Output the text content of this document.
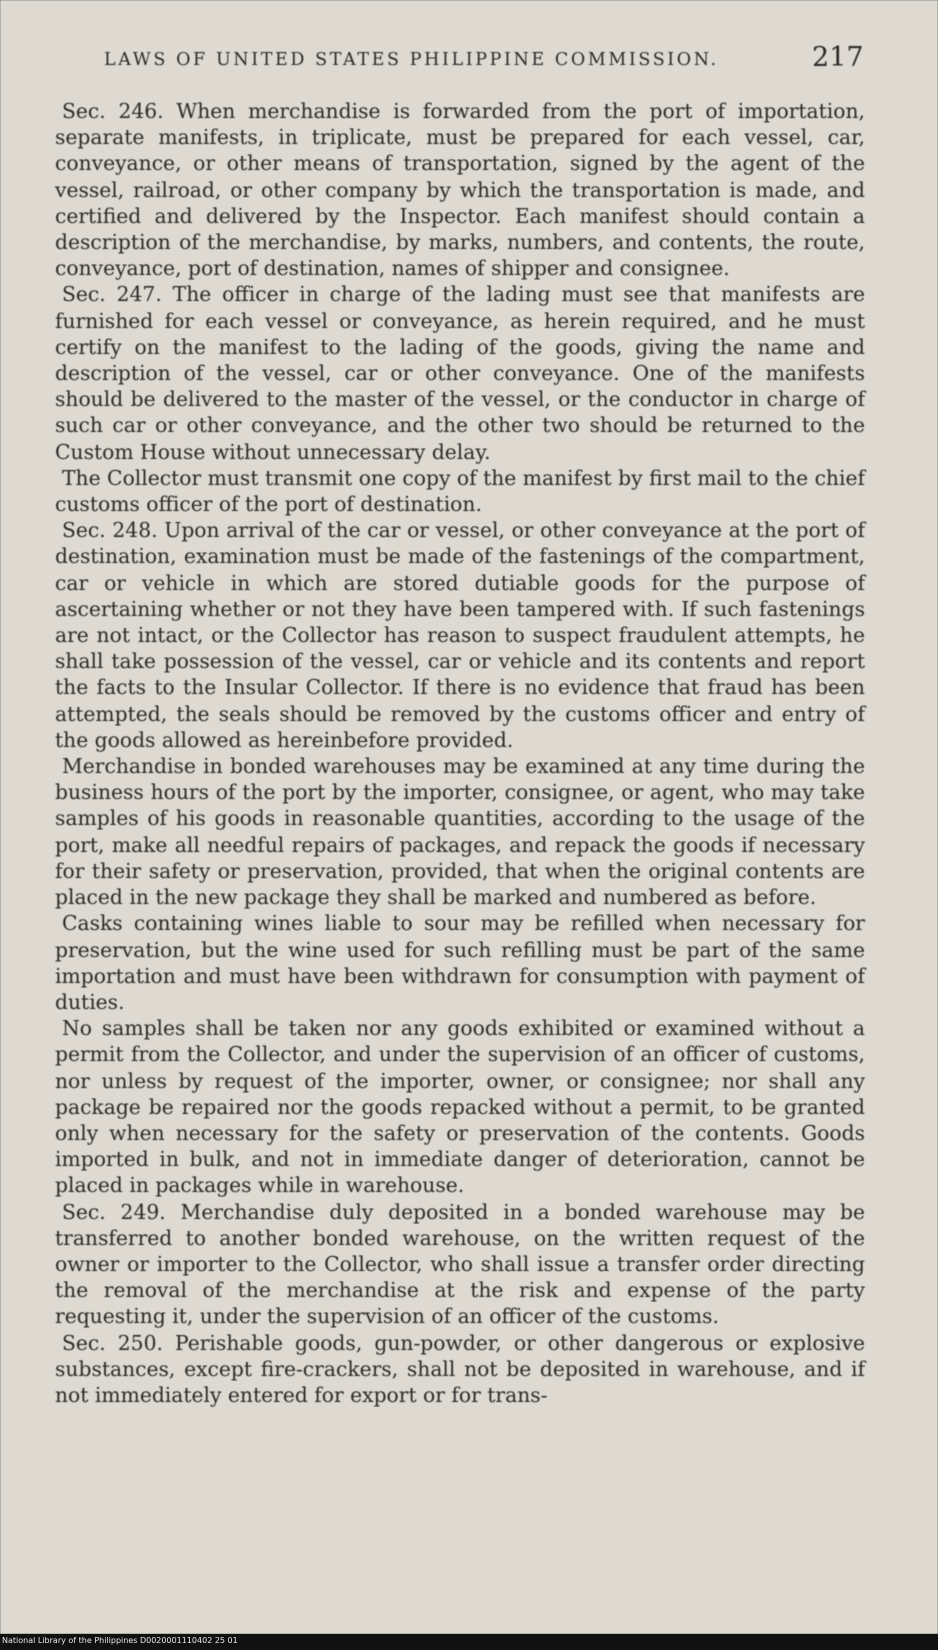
LAWS OF UNITED STATES PHILIPPINE COMMISSION.	217

Sec. 246. When merchandise is forwarded from the port of importation, separate manifests, in triplicate, must be prepared for each vessel, car, conveyance, or other means of transportation, signed by the agent of the vessel, railroad, or other company by which the transportation is made, and certified and delivered by the Inspector. Each manifest should contain a description of the merchandise, by marks, numbers, and contents, the route, conveyance, port of destination, names of shipper and consignee.

Sec. 247. The officer in charge of the lading must see that manifests are furnished for each vessel or conveyance, as herein required, and he must certify on the manifest to the lading of the goods, giving the name and description of the vessel, car or other conveyance. One of the manifests should be delivered to the master of the vessel, or the conductor in charge of such car or other conveyance, and the other two should be returned to the Custom House without unnecessary delay.

The Collector must transmit one copy of the manifest by first mail to the chief customs officer of the port of destination.

Sec. 248. Upon arrival of the car or vessel, or other conveyance at the port of destination, examination must be made of the fastenings of the compartment, car or vehicle in which are stored dutiable goods for the purpose of ascertaining whether or not they have been tampered with. If such fastenings are not intact, or the Collector has reason to suspect fraudulent attempts, he shall take possession of the vessel, car or vehicle and its contents and report the facts to the Insular Collector. If there is no evidence that fraud has been attempted, the seals should be removed by the customs officer and entry of the goods allowed as hereinbefore provided.

Merchandise in bonded warehouses may be examined at any time during the business hours of the port by the importer, consignee, or agent, who may take samples of his goods in reasonable quantities, according to the usage of the port, make all needful repairs of packages, and repack the goods if necessary for their safety or preservation, provided, that when the original contents are placed in the new package they shall be marked and numbered as before.

Casks containing wines liable to sour may be refilled when necessary for preservation, but the wine used for such refilling must be part of the same importation and must have been withdrawn for consumption with payment of duties.

No samples shall be taken nor any goods exhibited or examined without a permit from the Collector, and under the supervision of an officer of customs, nor unless by request of the importer, owner, or consignee; nor shall any package be repaired nor the goods repacked without a permit, to be granted only when necessary for the safety or preservation of the contents. Goods imported in bulk, and not in immediate danger of deterioration, cannot be placed in packages while in warehouse.

Sec. 249. Merchandise duly deposited in a bonded warehouse may be transferred to another bonded warehouse, on the written request of the owner or importer to the Collector, who shall issue a transfer order directing the removal of the merchandise at the risk and expense of the party requesting it, under the supervision of an officer of the customs.

Sec. 250. Perishable goods, gun-powder, or other dangerous or explosive substances, except fire-crackers, shall not be deposited in warehouse, and if not immediately entered for export or for trans-

National Library of the Philippines D0020001110402 25 01
